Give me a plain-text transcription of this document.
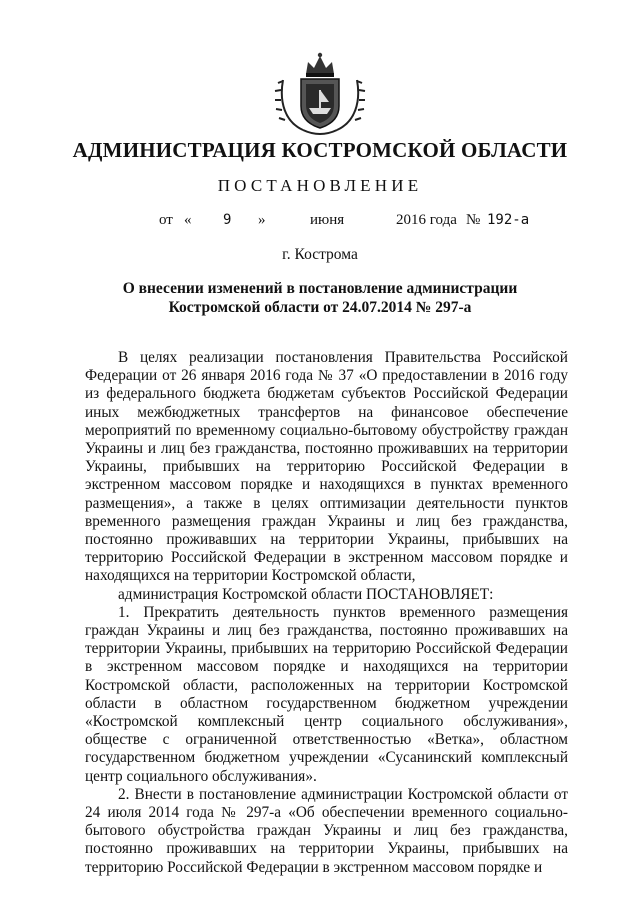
АДМИНИСТРАЦИЯ КОСТРОМСКОЙ ОБЛАСТИ
ПОСТАНОВЛЕНИЕ
от « 9 »	июня	2016 года № 192-а
г. Кострома
О внесении изменений в постановление администрации
Костромской области от 24.07.2014 № 297-а

В целях реализации постановления Правительства Российской Федерации от 26 января 2016 года № 37 «О предоставлении в 2016 году из федерального бюджета бюджетам субъектов Российской Федерации иных межбюджетных трансфертов на финансовое обеспечение мероприятий по временному социально-бытовому обустройству граждан Украины и лиц без гражданства, постоянно проживавших на территории Украины, прибывших на территорию Российской Федерации в экстренном массовом порядке и находящихся в пунктах временного размещения», а также в целях оптимизации деятельности пунктов временного размещения граждан Украины и лиц без гражданства, постоянно проживавших на территории Украины, прибывших на территорию Российской Федерации в экстренном массовом порядке и находящихся на территории Костромской области,

администрация Костромской области ПОСТАНОВЛЯЕТ:

1. Прекратить деятельность пунктов временного размещения граждан Украины и лиц без гражданства, постоянно проживавших на территории Украины, прибывших на территорию Российской Федерации в экстренном массовом порядке и находящихся на территории Костромской области, расположенных на территории Костромской области в областном государственном бюджетном учреждении «Костромской комплексный центр социального обслуживания», обществе с ограниченной ответственностью «Ветка», областном государственном бюджетном учреждении «Сусанинский комплексный центр социального обслуживания».

2. Внести в постановление администрации Костромской области от 24 июля 2014 года № 297-а «Об обеспечении временного социально-бытового обустройства граждан Украины и лиц без гражданства, постоянно проживавших на территории Украины, прибывших на территорию Российской Федерации в экстренном массовом порядке и
